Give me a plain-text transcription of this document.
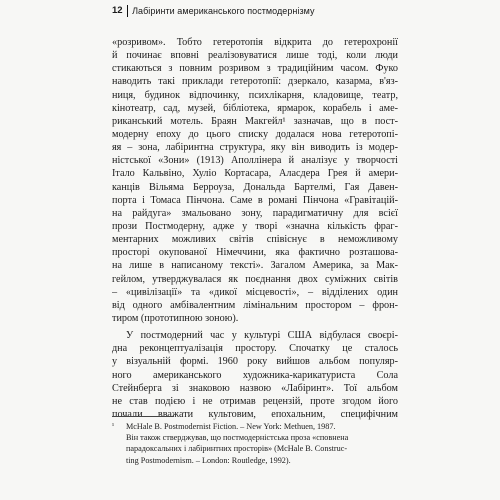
12 Лабіринти американського постмодернізму
«розривом». Тобто гетеротопія відкрита до гетерохронії
й починає вповні реалізовуватися лише тоді, коли люди
стикаються з повним розривом з традиційним часом. Фуко
наводить такі приклади гетеротопії: дзеркало, казарма, в'яз-
ниця, будинок відпочинку, психлікарня, кладовище, театр,
кінотеатр, сад, музей, бібліотека, ярмарок, корабель і аме-
риканський мотель. Браян Макгейл¹ зазначав, що в пост-
модерну епоху до цього списку додалася нова гетеротопі-
яя – зона, лабіринтна структура, яку він виводить із модер-
ністської «Зони» (1913) Аполлінера й аналізує у творчості
Італо Кальвіно, Хуліо Кортасара, Аласдера Грея й амери-
канців Вільяма Берроуза, Дональда Бартелмі, Гая Давен-
порта і Томаса Пінчона. Саме в романі Пінчона «Гравітацій-
на райдуга» змальовано зону, парадигматичну для всієї
прози Постмодерну, адже у творі «значна кількість фраг-
ментарних можливих світів співіснує в неможливому
просторі окупованої Німеччини, яка фактично розташова-
на лише в написаному тексті». Загалом Америка, за Мак-
гейлом, утверджувалася як поєднання двох суміжних світів
– «цивілізації» та «дикої місцевості», – відділених один
від одного амбівалентним лімінальним простором – фрон-
тиром (прототипною зоною).
У постмодерний час у культурі США відбулася своєрі-
дна реконцептуалізація простору. Спочатку це сталось
у візуальній формі. 1960 року вийшов альбом популяр-
ного американського художника-карикатуриста Сола
Стейнберга зі знаковою назвою «Лабіринт». Тої альбом
не став подією і не отримав рецензій, проте згодом його
почали вважати культовим, епохальним, специфічним
¹	McHale B. Postmodernist Fiction. – New York: Methuen, 1987.
Він також стверджував, що постмодерністська проза «сповнена
парадоксальних і лабіринтних просторів» (McHale B. Construc-
ting Postmodernism. – London: Routledge, 1992).
